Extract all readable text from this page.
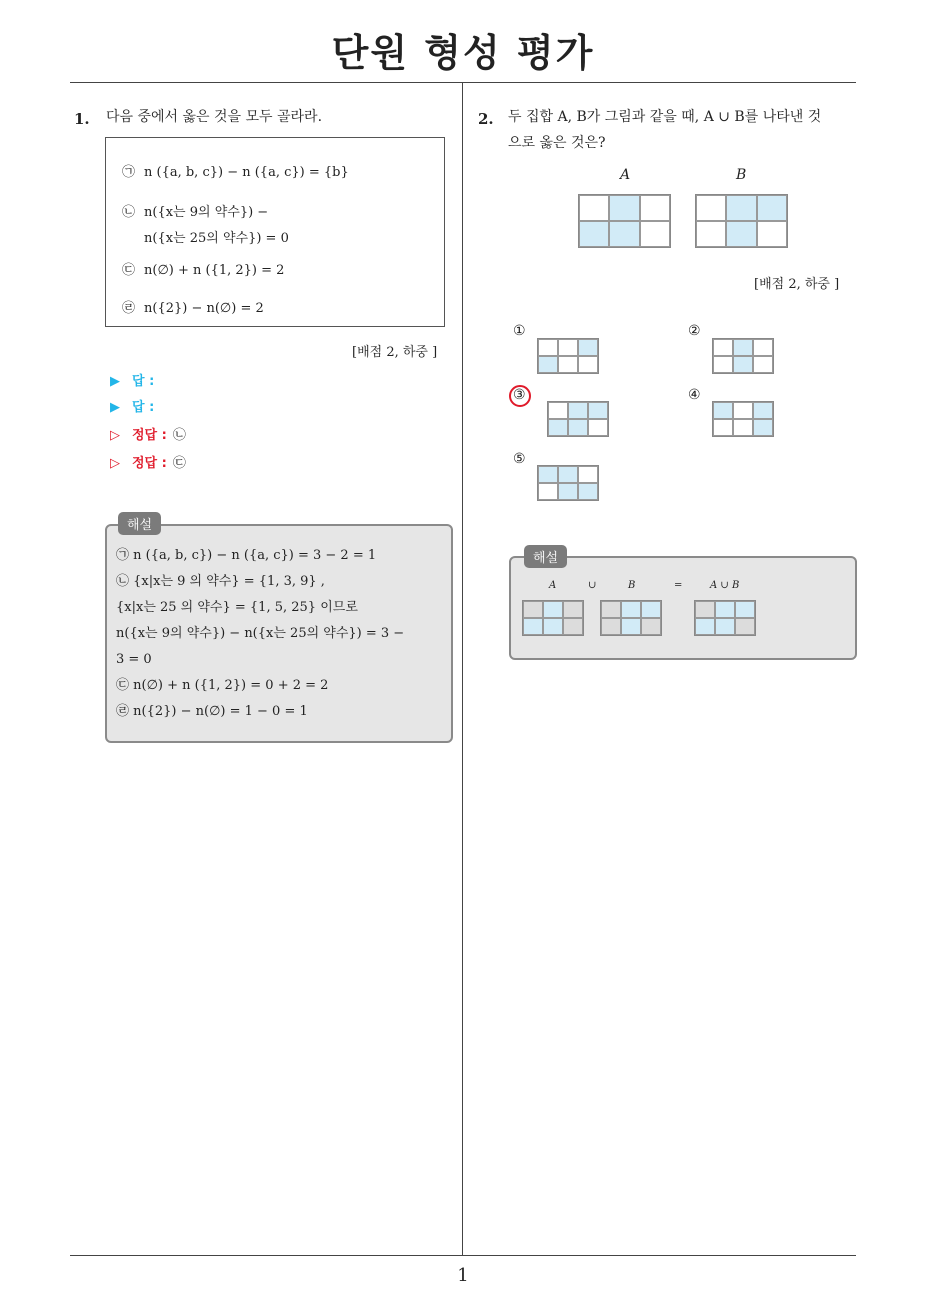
단원 형성 평가
1. 다음 중에서 옳은 것을 모두 골라라.
㉠ n ({a, b, c}) − n ({a, c}) = {b}
㉡ n({x는 9의 약수}) −
n({x는 25의 약수}) = 0
㉢ n(∅) + n ({1, 2}) = 2
㉣ n({2}) − n(∅) = 2
[배점 2, 하중 ]
▶ 답 :
▶ 답 :
▷ 정답 : ㉡
▷ 정답 : ㉢
해설
㉠ n ({a, b, c}) − n ({a, c}) = 3 − 2 = 1
㉡ {x|x는 9 의 약수} = {1, 3, 9} ,
{x|x는 25 의 약수} = {1, 5, 25} 이므로
n({x는 9의 약수}) − n({x는 25의 약수}) = 3 −
3 = 0
㉢ n(∅) + n ({1, 2}) = 0 + 2 = 2
㉣ n({2}) − n(∅) = 1 − 0 = 1
2. 두 집합 A, B가 그림과 같을 때, A ∪ B를 나타낸 것
으로 옳은 것은?
A	B
[배점 2, 하중 ]
①	②
③	④
⑤
해설
A	∪	B	=	A ∪ B
1
